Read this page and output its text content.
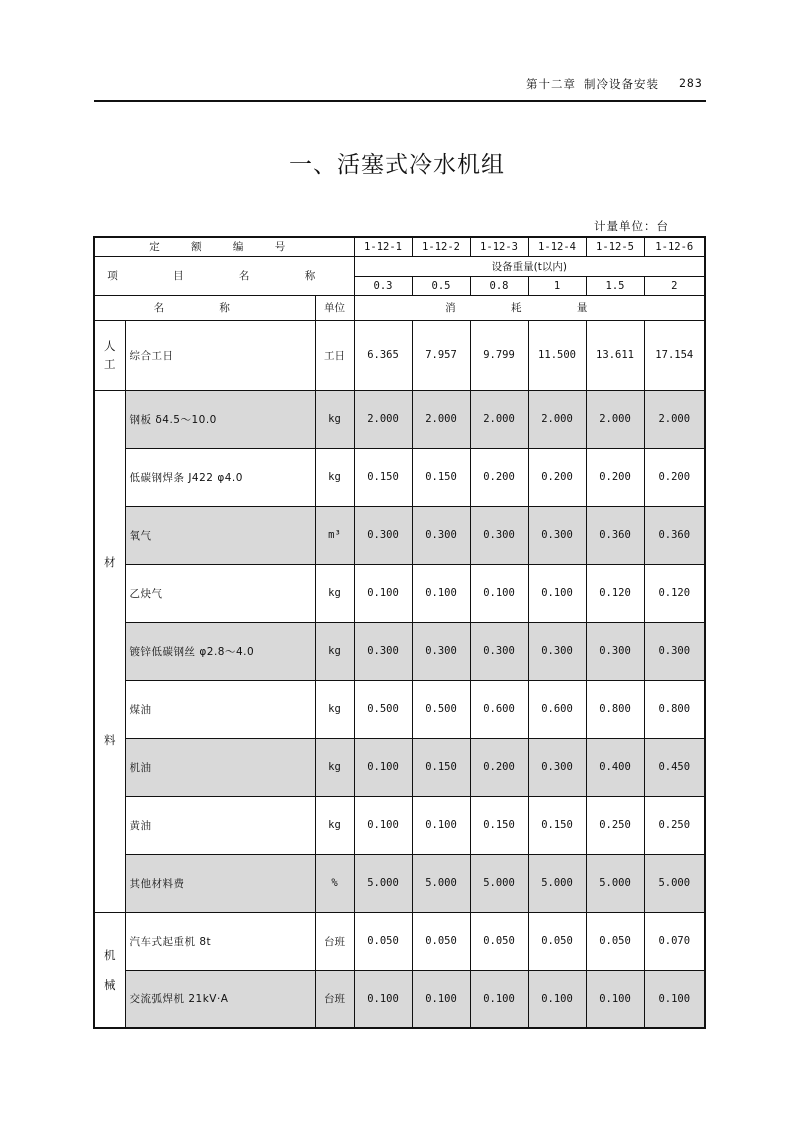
第十二章 制冷设备安装 283
一、活塞式冷水机组
计量单位：台
定 额 编 号			1-12-1	1-12-2	1-12-3	1-12-4	1-12-5	1-12-6
项 目 名 称			设备重量(t以内)					
			0.3	0.5	0.8	1	1.5	2
名 称		单位	消 耗 量					

人
工	综合工日	工日	6.365	7.957	9.799	11.500	13.611	17.154

材
料	钢板 δ4.5～10.0	kg	2.000	2.000	2.000	2.000	2.000	2.000
	低碳钢焊条 J422 φ4.0	kg	0.150	0.150	0.200	0.200	0.200	0.200
	氧气	m³	0.300	0.300	0.300	0.300	0.360	0.360
	乙炔气	kg	0.100	0.100	0.100	0.100	0.120	0.120
	镀锌低碳钢丝 φ2.8～4.0	kg	0.300	0.300	0.300	0.300	0.300	0.300
	煤油	kg	0.500	0.500	0.600	0.600	0.800	0.800
	机油	kg	0.100	0.150	0.200	0.300	0.400	0.450
	黄油	kg	0.100	0.100	0.150	0.150	0.250	0.250
	其他材料费	%	5.000	5.000	5.000	5.000	5.000	5.000

机
械	汽车式起重机 8t	台班	0.050	0.050	0.050	0.050	0.050	0.070
	交流弧焊机 21kV·A	台班	0.100	0.100	0.100	0.100	0.100	0.100
